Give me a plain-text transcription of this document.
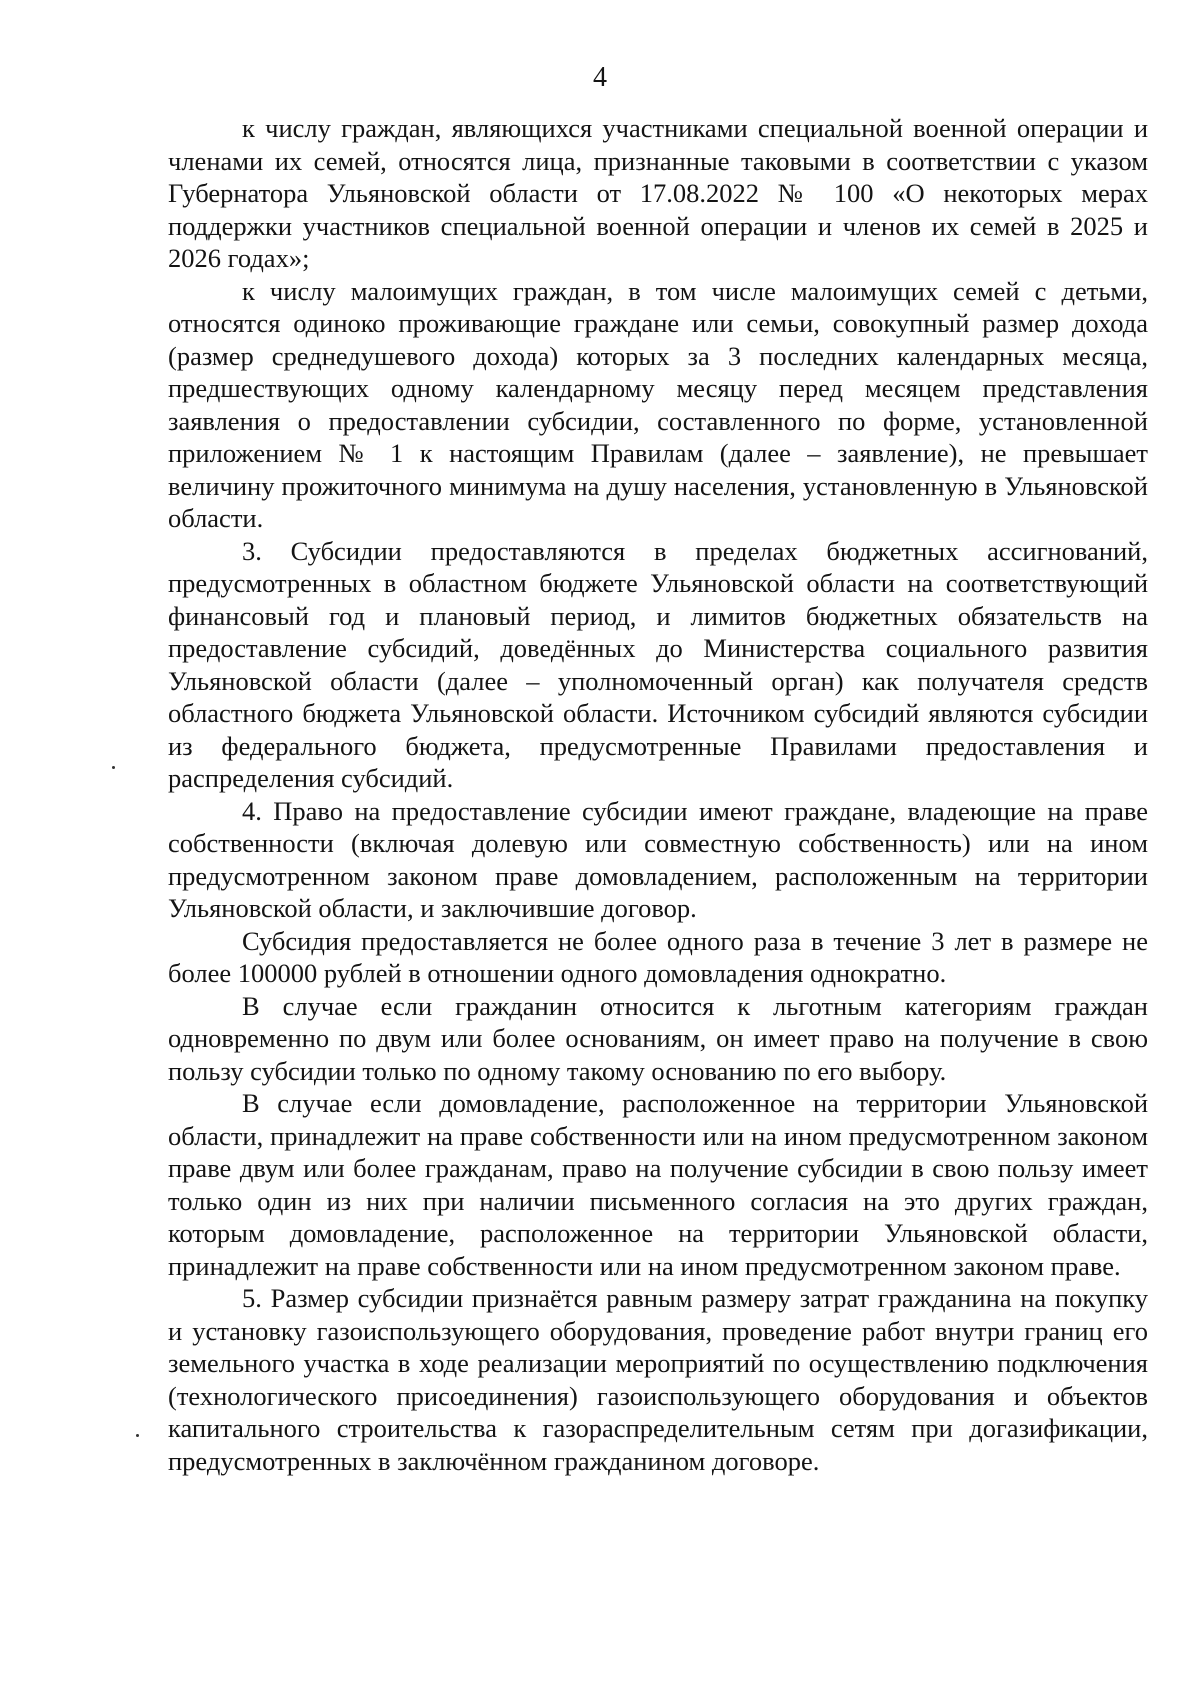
4

к числу граждан, являющихся участниками специальной военной операции и членами их семей, относятся лица, признанные таковыми в соответствии с указом Губернатора Ульяновской области от 17.08.2022 № 100 «О некоторых мерах поддержки участников специальной военной операции и членов их семей в 2025 и 2026 годах»;

к числу малоимущих граждан, в том числе малоимущих семей с детьми, относятся одиноко проживающие граждане или семьи, совокупный размер дохода (размер среднедушевого дохода) которых за 3 последних календарных месяца, предшествующих одному календарному месяцу перед месяцем представления заявления о предоставлении субсидии, составленного по форме, установленной приложением № 1 к настоящим Правилам (далее – заявление), не превышает величину прожиточного минимума на душу населения, установленную в Ульяновской области.

3. Субсидии предоставляются в пределах бюджетных ассигнований, предусмотренных в областном бюджете Ульяновской области на соответствующий финансовый год и плановый период, и лимитов бюджетных обязательств на предоставление субсидий, доведённых до Министерства социального развития Ульяновской области (далее – уполномоченный орган) как получателя средств областного бюджета Ульяновской области. Источником субсидий являются субсидии из федерального бюджета, предусмотренные Правилами предоставления и распределения субсидий.

4. Право на предоставление субсидии имеют граждане, владеющие на праве собственности (включая долевую или совместную собственность) или на ином предусмотренном законом праве домовладением, расположенным на территории Ульяновской области, и заключившие договор.

Субсидия предоставляется не более одного раза в течение 3 лет в размере не более 100000 рублей в отношении одного домовладения однократно.

В случае если гражданин относится к льготным категориям граждан одновременно по двум или более основаниям, он имеет право на получение в свою пользу субсидии только по одному такому основанию по его выбору.

В случае если домовладение, расположенное на территории Ульяновской области, принадлежит на праве собственности или на ином предусмотренном законом праве двум или более гражданам, право на получение субсидии в свою пользу имеет только один из них при наличии письменного согласия на это других граждан, которым домовладение, расположенное на территории Ульяновской области, принадлежит на праве собственности или на ином предусмотренном законом праве.

5. Размер субсидии признаётся равным размеру затрат гражданина на покупку и установку газоиспользующего оборудования, проведение работ внутри границ его земельного участка в ходе реализации мероприятий по осуществлению подключения (технологического присоединения) газоиспользующего оборудования и объектов капитального строительства к газораспределительным сетям при догазификации, предусмотренных в заключённом гражданином договоре.
